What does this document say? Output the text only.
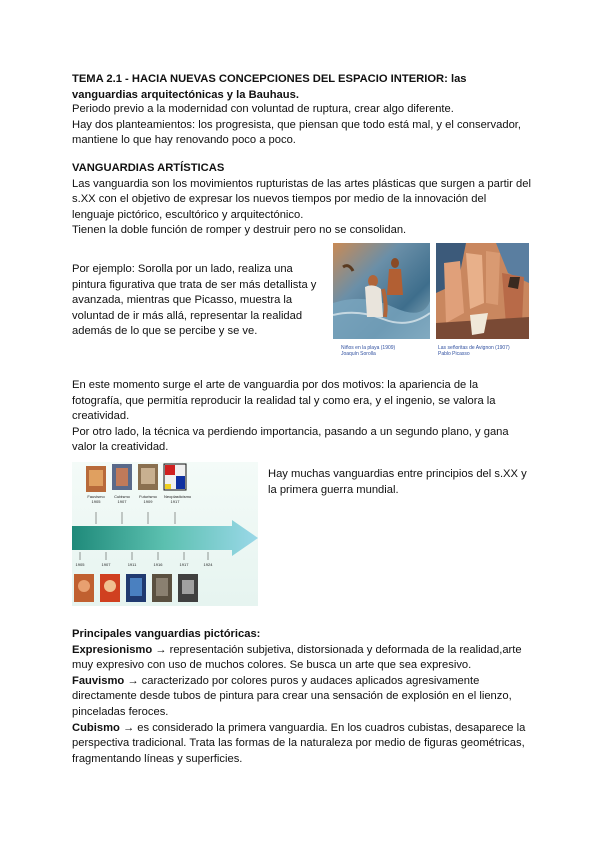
TEMA 2.1 - HACIA NUEVAS CONCEPCIONES DEL ESPACIO INTERIOR: las

vanguardias arquitectónicas y la Bauhaus.

Periodo previo a la modernidad con voluntad de ruptura, crear algo diferente.

Hay dos planteamientos: los progresista, que piensan que todo está mal, y el conservador,

mantiene lo que hay renovando poco a poco.

VANGUARDIAS ARTÍSTICAS

Las vanguardia son los movimientos rupturistas de las artes plásticas que surgen a partir del

s.XX con el objetivo de expresar los nuevos tiempos por medio de la innovación del

lenguaje pictórico, escultórico y arquitectónico.

Tienen la doble función de romper y destruir pero no se consolidan.

Por ejemplo: Sorolla por un lado, realiza una

pintura figurativa que trata de ser más detallista y

avanzada, mientras que Picasso, muestra la

voluntad de ir más allá, representar la realidad

además de lo que se percibe y se ve.

Niños en la playa (1909)
Joaquín Sorolla
Las señoritas de Avignon (1907)
Pablo Picasso

En este momento surge el arte de vanguardia por dos motivos: la apariencia de la

fotografía, que permitía reproducir la realidad tal y como era, y el ingenio, se valora la

creatividad.

Por otro lado, la técnica va perdiendo importancia, pasando a un segundo plano, y gana

valor la creatividad.

Fauvismo 1905
Cubismo 1907
Futurismo 1909
Neoplasticismo 1917
1905	1907	1911	1916	1917	1924

Hay muchas vanguardias entre principios del s.XX y

la primera guerra mundial.

Principales vanguardias pictóricas:

Expresionismo → representación subjetiva, distorsionada y deformada de la realidad,arte

muy expresivo con uso de muchos colores. Se busca un arte que sea expresivo.

Fauvismo → caracterizado por colores puros y audaces aplicados agresivamente

directamente desde tubos de pintura para crear una sensación de explosión en el lienzo,

pinceladas feroces.

Cubismo → es considerado la primera vanguardia. En los cuadros cubistas, desaparece la

perspectiva tradicional. Trata las formas de la naturaleza por medio de figuras geométricas,

fragmentando líneas y superficies.
